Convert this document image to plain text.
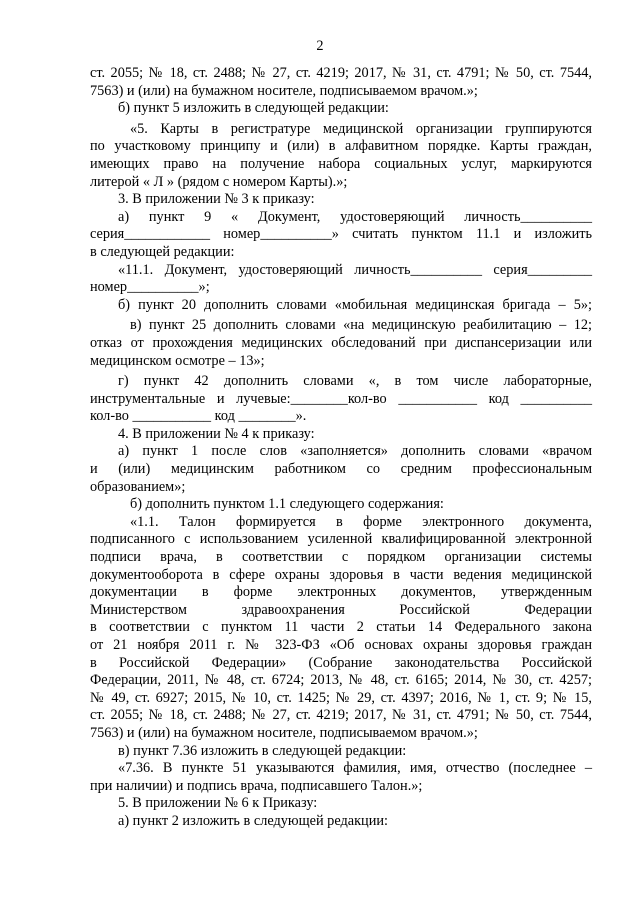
2
ст. 2055; № 18, ст. 2488; № 27, ст. 4219; 2017, № 31, ст. 4791; № 50, ст. 7544,
7563) и (или) на бумажном носителе, подписываемом врачом.»;
б) пункт 5 изложить в следующей редакции:
«5. Карты в регистратуре медицинской организации группируются
по участковому принципу и (или) в алфавитном порядке. Карты граждан,
имеющих право на получение набора социальных услуг, маркируются
литерой « Л » (рядом с номером Карты).»;
3. В приложении № 3 к приказу:
а) пункт 9 « Документ, удостоверяющий личность__________
серия____________ номер__________» считать пунктом 11.1 и изложить
в следующей редакции:
«11.1. Документ, удостоверяющий личность__________ серия_________
номер__________»;
б) пункт 20 дополнить словами «мобильная медицинская бригада – 5»;
в) пункт 25 дополнить словами «на медицинскую реабилитацию – 12;
отказ от прохождения медицинских обследований при диспансеризации или
медицинском осмотре – 13»;
г) пункт 42 дополнить словами «, в том числе лабораторные,
инструментальные и лучевые:________кол-во ___________ код __________
кол-во ___________ код ________».
4. В приложении № 4 к приказу:
а) пункт 1 после слов «заполняется» дополнить словами «врачом
и (или) медицинским работником со средним профессиональным
образованием»;
б) дополнить пунктом 1.1 следующего содержания:
«1.1. Талон формируется в форме электронного документа,
подписанного с использованием усиленной квалифицированной электронной
подписи врача, в соответствии с порядком организации системы
документооборота в сфере охраны здоровья в части ведения медицинской
документации в форме электронных документов, утвержденным
Министерством здравоохранения Российской Федерации
в соответствии с пунктом 11 части 2 статьи 14 Федерального закона
от 21 ноября 2011 г. № 323-ФЗ «Об основах охраны здоровья граждан
в Российской Федерации» (Собрание законодательства Российской
Федерации, 2011, № 48, ст. 6724; 2013, № 48, ст. 6165; 2014, № 30, ст. 4257;
№ 49, ст. 6927; 2015, № 10, ст. 1425; № 29, ст. 4397; 2016, № 1, ст. 9; № 15,
ст. 2055; № 18, ст. 2488; № 27, ст. 4219; 2017, № 31, ст. 4791; № 50, ст. 7544,
7563) и (или) на бумажном носителе, подписываемом врачом.»;
в) пункт 7.36 изложить в следующей редакции:
«7.36. В пункте 51 указываются фамилия, имя, отчество (последнее –
при наличии) и подпись врача, подписавшего Талон.»;
5. В приложении № 6 к Приказу:
а) пункт 2 изложить в следующей редакции:
